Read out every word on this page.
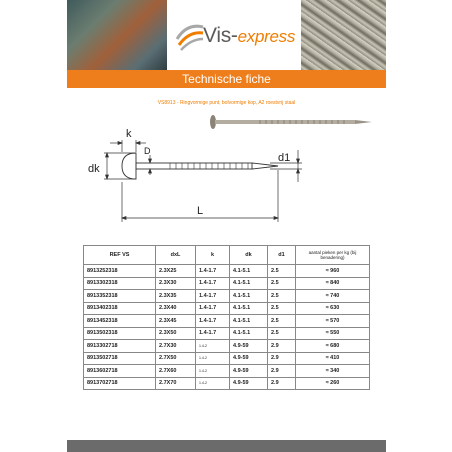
Vis-express
Technische fiche
VS8913 - Ringvormige punt, bolvormige kop, A2 roestvrij staal
k
dk
D
d1
L
REF VS	dxL	k	dk	d1	aantal pieken per kg (bij benadering)
8913252318	2.3X25	1.4-1.7	4.1-5.1	2.5	≈ 960
8913302318	2.3X30	1.4-1.7	4.1-5.1	2.5	≈ 840
8913352318	2.3X35	1.4-1.7	4.1-5.1	2.5	≈ 740
8913402318	2.3X40	1.4-1.7	4.1-5.1	2.5	≈ 630
8913452318	2.3X45	1.4-1.7	4.1-5.1	2.5	≈ 570
8913502318	2.3X50	1.4-1.7	4.1-5.1	2.5	≈ 550
8913302718	2.7X30	1.4-2	4.9-59	2.9	≈ 680
8913502718	2.7X50	1.4-2	4.9-59	2.9	≈ 410
8913602718	2.7X60	1.4-2	4.9-59	2.9	≈ 340
8913702718	2.7X70	1.4-2	4.9-59	2.9	≈ 260
